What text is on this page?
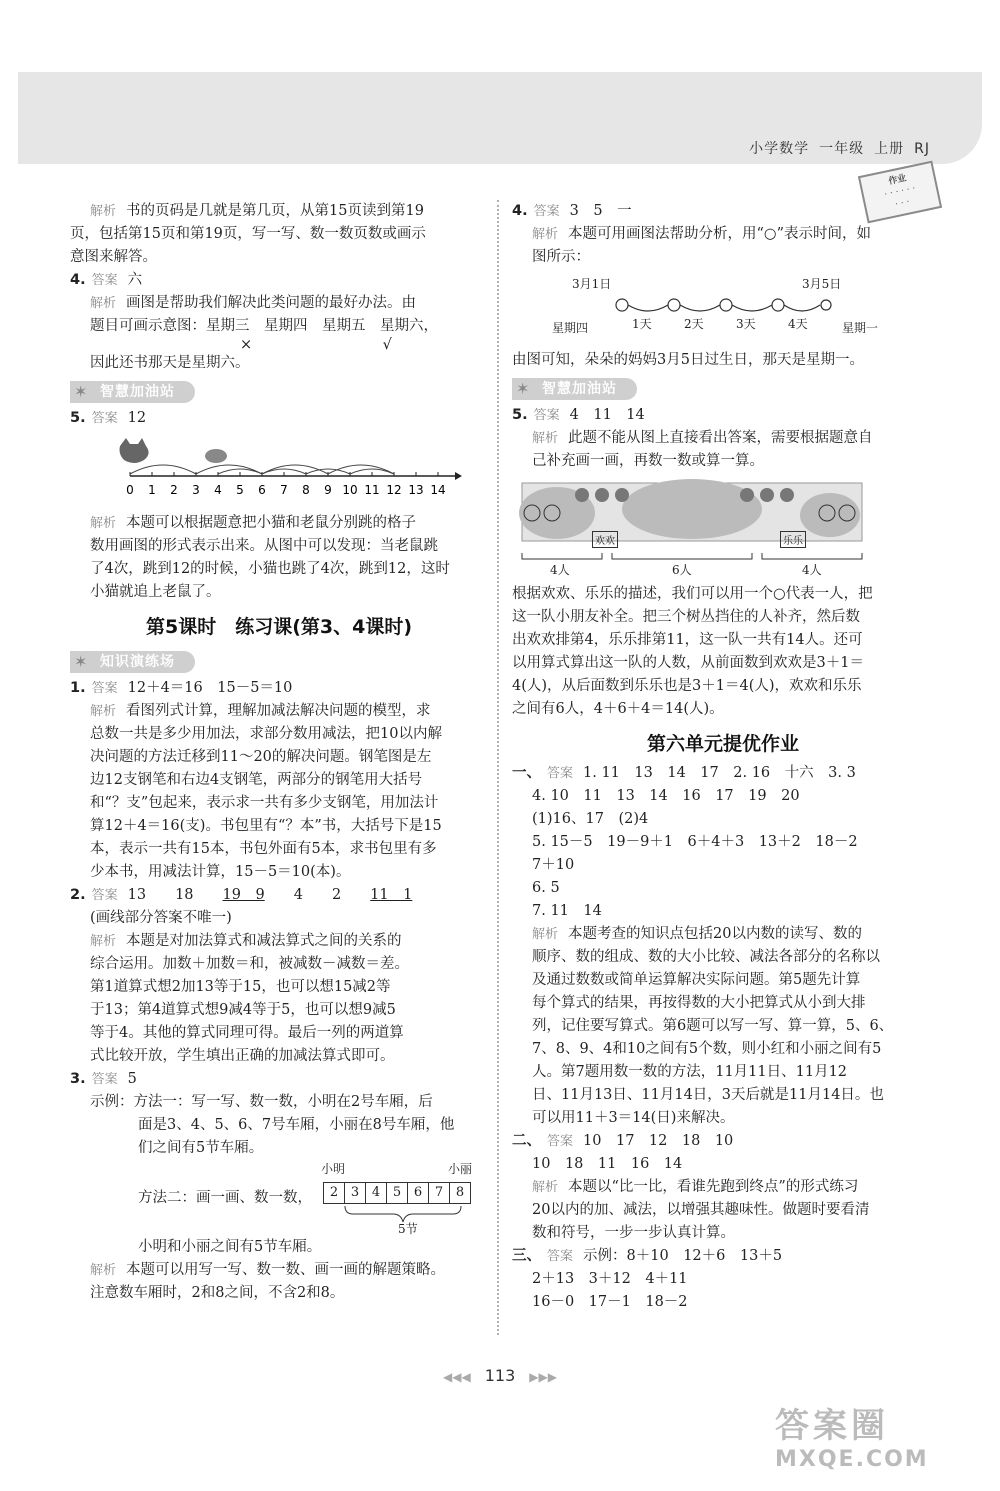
小学数学 一年级 上册 RJ
作业
· · · · · ·
· · ·

解析 书的页码是几就是第几页，从第15页读到第19

页，包括第15页和第19页，写一写、数一数页数或画示

意图来解答。

4. 答案 六

解析 画图是帮助我们解决此类问题的最好办法。由

题目可画示意图：星期三　星期四　星期五　星期六，

×　　　　　　　　　√

因此还书那天是星期六。

✶ 智慧加油站

5. 答案 12

0 1 2 3 4 5 6 7 8 9 10 11 12 13 14

解析 本题可以根据题意把小猫和老鼠分别跳的格子

数用画图的形式表示出来。从图中可以发现：当老鼠跳

了4次，跳到12的时候，小猫也跳了4次，跳到12，这时

小猫就追上老鼠了。

第5课时　练习课(第3、4课时)
✶ 知识演练场

1. 答案 12＋4＝16　15－5＝10

解析 看图列式计算，理解加减法解决问题的模型，求

总数一共是多少用加法，求部分数用减法，把10以内解

决问题的方法迁移到11～20的解决问题。钢笔图是左

边12支钢笔和右边4支钢笔，两部分的钢笔用大括号

和“？支”包起来，表示求一共有多少支钢笔，用加法计

算12＋4＝16(支)。书包里有“？本”书，大括号下是15

本，表示一共有15本，书包外面有5本，求书包里有多

少本书，用减法计算，15－5＝10(本)。

2. 答案 13　　18　　19　9　　4　　2　　11　1

(画线部分答案不唯一)

解析 本题是对加法算式和减法算式之间的关系的

综合运用。加数＋加数＝和，被减数－减数＝差。

第1道算式想2加13等于15，也可以想15减2等

于13；第4道算式想9减4等于5，也可以想9减5

等于4。其他的算式同理可得。最后一列的两道算

式比较开放，学生填出正确的加减法算式即可。

3. 答案 5

示例：方法一：写一写、数一数，小明在2号车厢，后

面是3、4、5、6、7号车厢，小丽在8号车厢，他

们之间有5节车厢。

小明	小丽
方法二：画一画、数一数，	2 3 4 5 6 7 8
5节

小明和小丽之间有5节车厢。

解析 本题可以用写一写、数一数、画一画的解题策略。

注意数车厢时，2和8之间，不含2和8。

4. 答案 3　5　一

解析 本题可用画图法帮助分析，用“○”表示时间，如

图所示：

3月1日	3月5日
星期四	星期一
1天	2天	3天	4天

由图可知，朵朵的妈妈3月5日过生日，那天是星期一。

✶ 智慧加油站

5. 答案 4　11　14

解析 此题不能从图上直接看出答案，需要根据题意自

己补充画一画，再数一数或算一算。

欢欢	乐乐
4人	6人	4人

根据欢欢、乐乐的描述，我们可以用一个○代表一人，把

这一队小朋友补全。把三个树丛挡住的人补齐，然后数

出欢欢排第4，乐乐排第11，这一队一共有14人。还可

以用算式算出这一队的人数，从前面数到欢欢是3＋1＝

4(人)，从后面数到乐乐也是3＋1＝4(人)，欢欢和乐乐

之间有6人，4＋6＋4＝14(人)。

第六单元提优作业

一、 答案 1. 11　13　14　17　2. 16　十六　3. 3

4. 10　11　13　14　16　17　19　20

(1)16、17　(2)4

5. 15－5　19－9＋1　6＋4＋3　13＋2　18－2

7＋10

6. 5

7. 11　14

解析 本题考查的知识点包括20以内数的读写、数的

顺序、数的组成、数的大小比较、减法各部分的名称以

及通过数数或简单运算解决实际问题。第5题先计算

每个算式的结果，再按得数的大小把算式从小到大排

列，记住要写算式。第6题可以写一写、算一算，5、6、

7、8、9、4和10之间有5个数，则小红和小丽之间有5

人。第7题用数一数的方法，11月11日、11月12

日、11月13日、11月14日，3天后就是11月14日。也

可以用11＋3＝14(日)来解决。

二、 答案 10　17　12　18　10

10　18　11　16　14

解析 本题以“比一比，看谁先跑到终点”的形式练习

20以内的加、减法，以增强其趣味性。做题时要看清

数和符号，一步一步认真计算。

三、 答案 示例：8＋10　12＋6　13＋5

2＋13　3＋12　4＋11

16－0　17－1　18－2

◀◀◀ 113 ▶▶▶
答案圈
MXQE.COM
